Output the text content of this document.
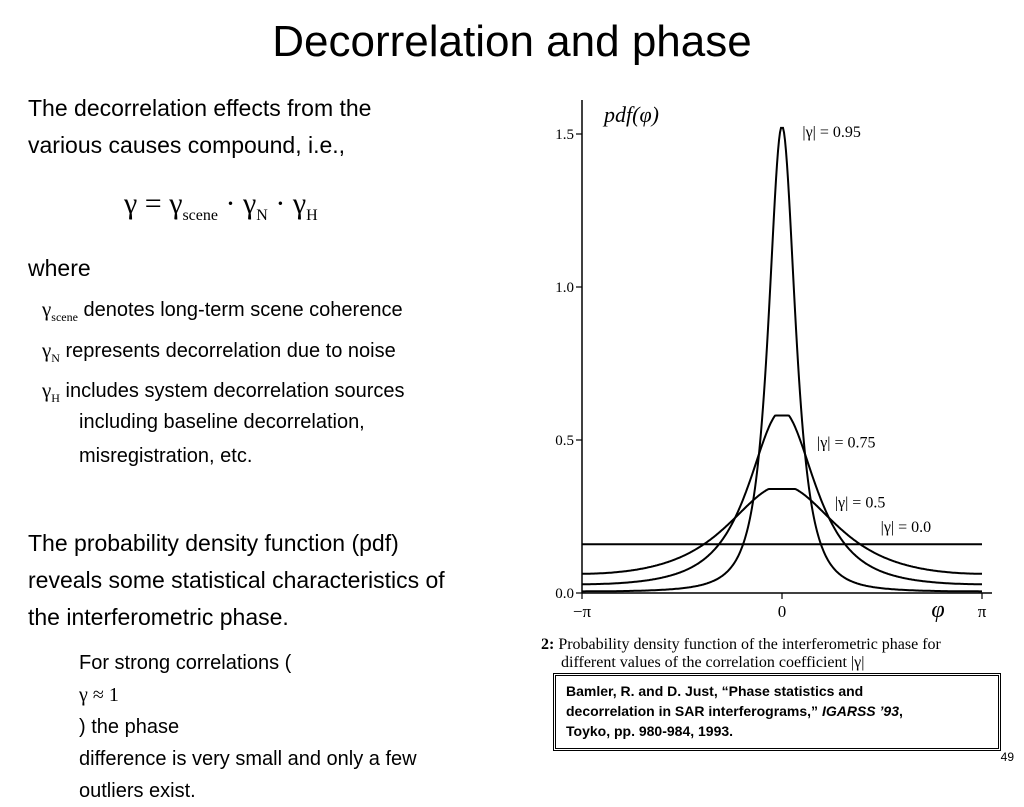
Decorrelation and phase
The decorrelation effects from the
various causes compound, i.e.,
$\gamma = \gamma_{scene} \cdot \gamma_N \cdot \gamma_H$
where
$\gamma_{scene}$ denotes long-term scene coherence
$\gamma_N$ represents decorrelation due to noise
$\gamma_H$ includes system decorrelation sources
including baseline decorrelation,
misregistration, etc.
The probability density function (pdf)
reveals some statistical characteristics of
the interferometric phase.
For strong correlations (
γ ≈ 1
) the phase
difference is very small and only a few
outliers exist.
0.0
0.5
1.0
1.5
−π	0	π
pdf(φ)
φ
|γ| = 0.95
|γ| = 0.75
|γ| = 0.5
|γ| = 0.0
2: Probability density function of the interferometric phase for
different values of the correlation coefficient |γ|
Bamler, R. and D. Just, “Phase statistics and
decorrelation in SAR interferograms,” IGARSS ’93,
Toyko, pp. 980-984, 1993.
49
